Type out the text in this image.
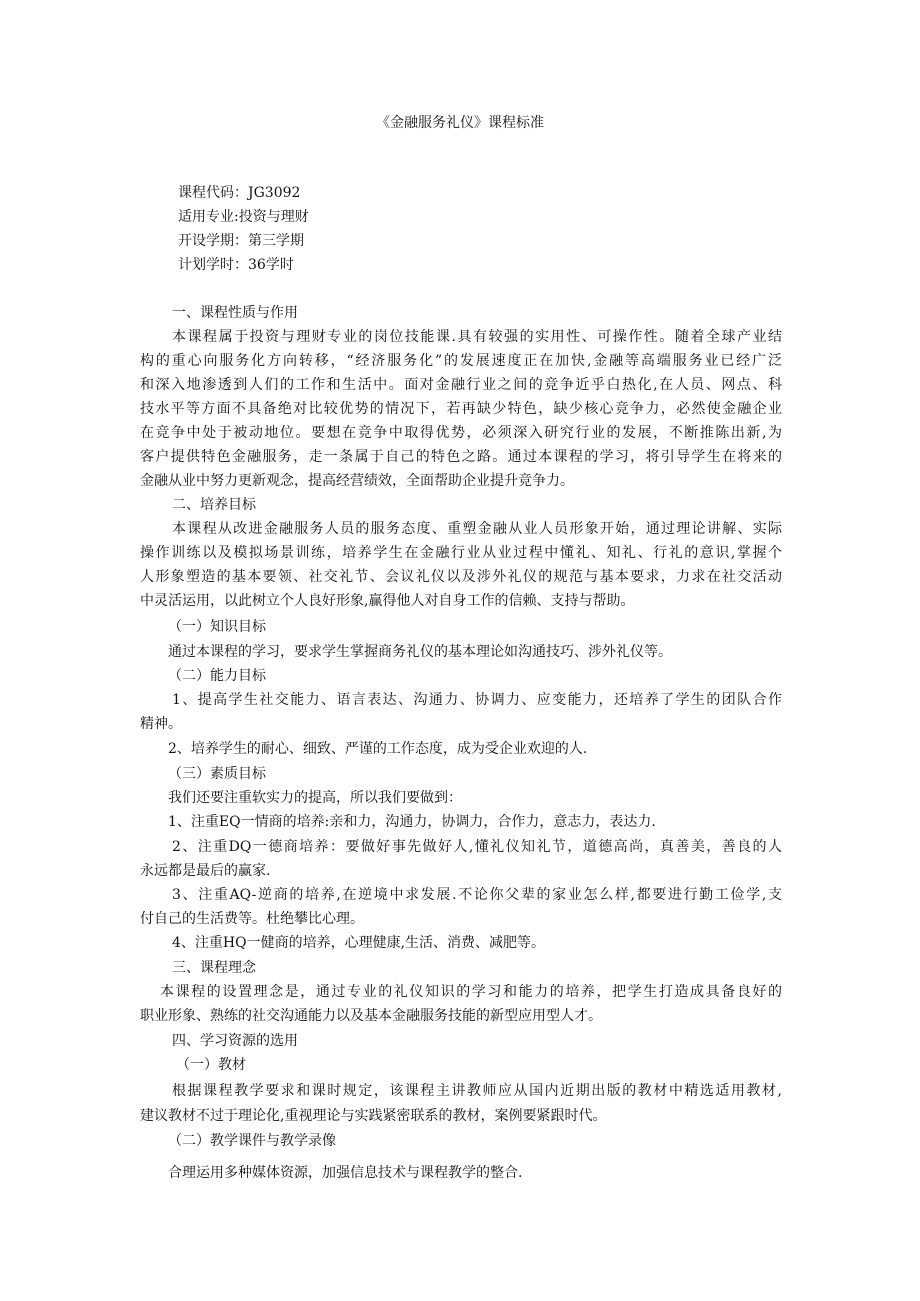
《金融服务礼仪》课程标准
课程代码：JG3092
适用专业:投资与理财
开设学期：第三学期
计划学时：36学时
一、课程性质与作用
本课程属于投资与理财专业的岗位技能课.具有较强的实用性、可操作性。随着全球产业结
构的重心向服务化方向转移，“经济服务化”的发展速度正在加快,金融等高端服务业已经广泛
和深入地渗透到人们的工作和生活中。面对金融行业之间的竞争近乎白热化,在人员、网点、科
技水平等方面不具备绝对比较优势的情况下，若再缺少特色，缺少核心竞争力，必然使金融企业
在竞争中处于被动地位。要想在竞争中取得优势，必须深入研究行业的发展，不断推陈出新,为
客户提供特色金融服务，走一条属于自己的特色之路。通过本课程的学习，将引导学生在将来的
金融从业中努力更新观念，提高经营绩效，全面帮助企业提升竞争力。
二、培养目标
本课程从改进金融服务人员的服务态度、重塑金融从业人员形象开始，通过理论讲解、实际
操作训练以及模拟场景训练，培养学生在金融行业从业过程中懂礼、知礼、行礼的意识,掌握个
人形象塑造的基本要领、社交礼节、会议礼仪以及涉外礼仪的规范与基本要求，力求在社交活动
中灵活运用，以此树立个人良好形象,赢得他人对自身工作的信赖、支持与帮助。
（一）知识目标
通过本课程的学习，要求学生掌握商务礼仪的基本理论如沟通技巧、涉外礼仪等。
（二）能力目标
1、提高学生社交能力、语言表达、沟通力、协调力、应变能力，还培养了学生的团队合作
精神。
2、培养学生的耐心、细致、严谨的工作态度，成为受企业欢迎的人.
（三）素质目标
我们还要注重软实力的提高，所以我们要做到：
1、注重EQ一情商的培养:亲和力，沟通力，协调力，合作力，意志力，表达力.
2、注重DQ一德商培养：要做好事先做好人,懂礼仪知礼节，道德高尚，真善美，善良的人
永远都是最后的赢家.
3、注重AQ-逆商的培养,在逆境中求发展.不论你父辈的家业怎么样,都要进行勤工俭学,支
付自己的生活费等。杜绝攀比心理。
4、注重HQ一健商的培养，心理健康,生活、消费、减肥等。
三、课程理念
本课程的设置理念是，通过专业的礼仪知识的学习和能力的培养，把学生打造成具备良好的
职业形象、熟练的社交沟通能力以及基本金融服务技能的新型应用型人才。
四、学习资源的选用
（一）教材
根据课程教学要求和课时规定，该课程主讲教师应从国内近期出版的教材中精选适用教材,
建议教材不过于理论化,重视理论与实践紧密联系的教材，案例要紧跟时代。
（二）教学课件与教学录像
合理运用多种媒体资源，加强信息技术与课程教学的整合.
